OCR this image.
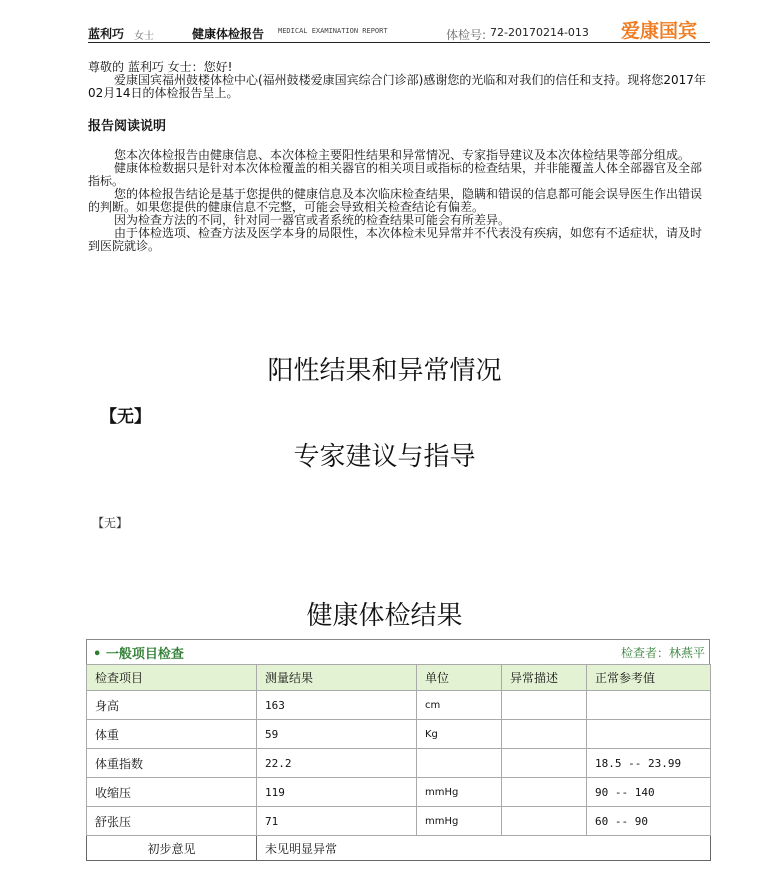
蓝利巧 女士	健康体检报告 MEDICAL EXAMINATION REPORT	体检号: 72-20170214-013 爱康国宾

尊敬的 蓝利巧 女士：您好!

爱康国宾福州鼓楼体检中心(福州鼓楼爱康国宾综合门诊部)感谢您的光临和对我们的信任和支持。现将您2017年02月14日的体检报告呈上。

报告阅读说明

您本次体检报告由健康信息、本次体检主要阳性结果和异常情况、专家指导建议及本次体检结果等部分组成。

健康体检数据只是针对本次体检覆盖的相关器官的相关项目或指标的检查结果，并非能覆盖人体全部器官及全部指标。

您的体检报告结论是基于您提供的健康信息及本次临床检查结果，隐瞒和错误的信息都可能会误导医生作出错误的判断。如果您提供的健康信息不完整，可能会导致相关检查结论有偏差。

因为检查方法的不同，针对同一器官或者系统的检查结果可能会有所差异。

由于体检选项、检查方法及医学本身的局限性，本次体检未见异常并不代表没有疾病，如您有不适症状，请及时到医院就诊。

阳性结果和异常情况
【无】
专家建议与指导
【无】
健康体检结果
• 一般项目检查	检查者：林燕平
检查项目	测量结果	单位	异常描述	正常参考值
身高	163	cm		
体重	59	Kg		
体重指数	22.2			18.5 -- 23.99
收缩压	119	mmHg		90 -- 140
舒张压	71	mmHg		60 -- 90
初步意见	未见明显异常			
